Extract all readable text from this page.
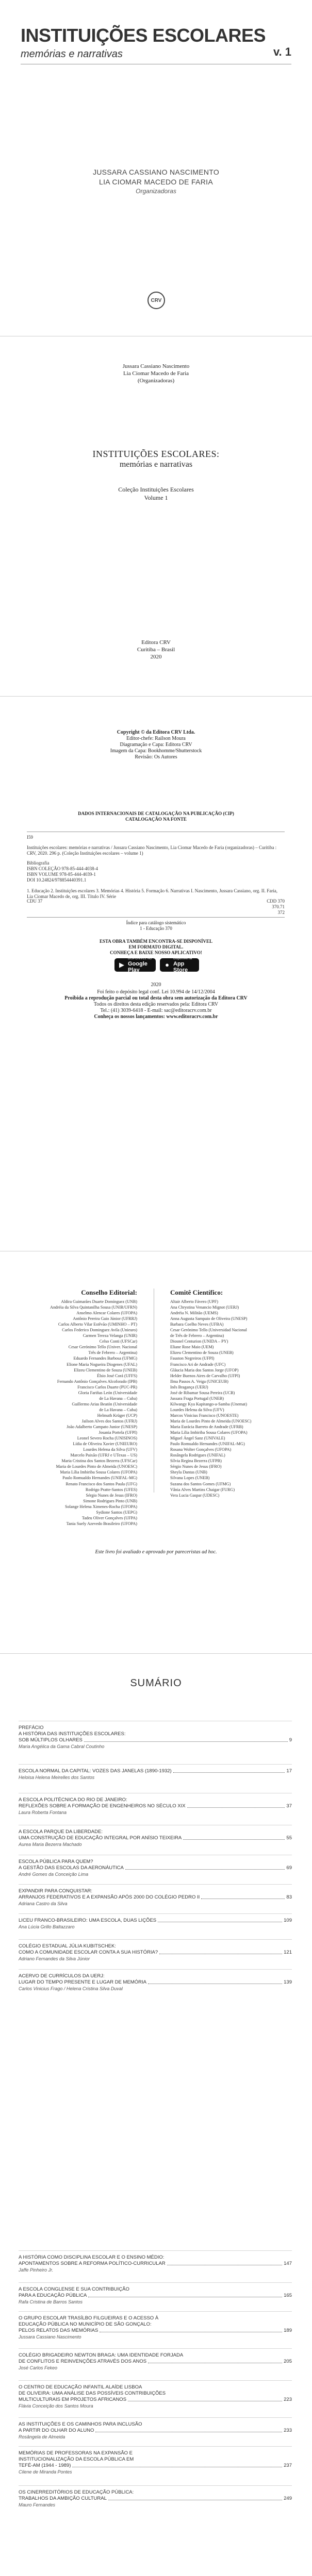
INSTITUIÇÕES ESCOLARES
memórias e narrativas	v. 1
JUSSARA CASSIANO NASCIMENTO
LIA CIOMAR MACEDO DE FARIA
Organizadoras
CRV
Jussara Cassiano Nascimento
Lia Ciomar Macedo de Faria
(Organizadoras)
INSTITUIÇÕES ESCOLARES:
memórias e narrativas
Coleção Instituições Escolares
Volume 1
Editora CRV
Curitiba – Brasil
2020
Copyright © da Editora CRV Ltda.
Editor-chefe: Railson Moura
Diagramação e Capa: Editora CRV
Imagem da Capa: Bookhomme/Shutterstock
Revisão: Os Autores
DADOS INTERNACIONAIS DE CATALOGAÇÃO NA PUBLICAÇÃO (CIP)
CATALOGAÇÃO NA FONTE
I59
Instituições escolares: memórias e narrativas / Jussara Cassiano Nascimento, Lia Ciomar Macedo de Faria (organizadoras) – Curitiba : CRV, 2020. 296 p. (Coleção Instituições escolares – volume 1)
Bibliografia
ISBN COLEÇÃO 978-85-444-4038-4
ISBN VOLUME 978-85-444-4039-1
DOI 10.24824/978854440391.1
1. Educação 2. Instituições escolares 3. Memórias 4. História 5. Formação 6. Narrativas I. Nascimento, Jussara Cassiano, org. II. Faria, Lia Ciomar Macedo de, org. III. Título IV. Série
CDU 37	CDD 370
370.71
372
Índice para catálogo sistemático
1 - Educação 370
ESTA OBRA TAMBÉM ENCONTRA-SE DISPONÍVEL
EM FORMATO DIGITAL.
CONHEÇA E BAIXE NOSSO APLICATIVO!
▶
DISPONÍVEL NO
Google Play
●
Disponível na
App Store
2020
Foi feito o depósito legal conf. Lei 10.994 de 14/12/2004
Proibida a reprodução parcial ou total desta obra sem autorização da Editora CRV
Todos os direitos desta edição reservados pela: Editora CRV
Tel.: (41) 3039-6418 - E-mail: sac@editoracrv.com.br
Conheça os nossos lançamentos: www.editoracrv.com.br
Conselho Editorial:	Comitê Científico:
Aldira Guimarães Duarte Domínguez (UNB)
Andréia da Silva Quintanilha Sousa (UNIR/UFRN)
Anselmo Alencar Colares (UFOPA)
Antônio Pereira Gaio Júnior (UFRRJ)
Carlos Alberto Vilar Estêvão (UMINHO – PT)
Carlos Federico Dominguez Avila (Unieuro)
Carmen Tereza Velanga (UNIR)
Celso Conti (UFSCar)
Cesar Gerónimo Tello (Univer. Nacional
Três de Febrero – Argentina)
Eduardo Fernandes Barbosa (UFMG)
Elione Maria Nogueira Diogenes (UFAL)
Elizeu Clementino de Souza (UNEB)
Élsio José Corá (UFFS)
Fernando Antônio Gonçalves Alcoforado (IPB)
Francisco Carlos Duarte (PUC-PR)
Gloria Fariñas León (Universidade
de La Havana – Cuba)
Guillermo Arias Beatón (Universidade
de La Havana – Cuba)
Helmuth Krüger (UCP)
Jailson Alves dos Santos (UFRJ)
João Adalberto Campato Junior (UNESP)
Josania Portela (UFPI)
Leonel Severo Rocha (UNISINOS)
Lídia de Oliveira Xavier (UNIEURO)
Lourdes Helena da Silva (UFV)
Marcelo Paixão (UFRJ e UTexas – US)
Maria Cristina dos Santos Bezerra (UFSCar)
Maria de Lourdes Pinto de Almeida (UNOESC)
Maria Lília Imbiriba Sousa Colares (UFOPA)
Paulo Romualdo Hernandes (UNIFAL-MG)
Renato Francisco dos Santos Paula (UFG)
Rodrigo Pratte-Santos (UFES)
Sérgio Nunes de Jesus (IFRO)
Simone Rodrigues Pinto (UNB)
Solange Helena Ximenes-Rocha (UFOPA)
Sydione Santos (UEPG)
Tadeu Oliver Gonçalves (UFPA)
Tania Suely Azevedo Brasileiro (UFOPA)
Altair Alberto Fávero (UPF)
Ana Chrystina Venancio Mignot (UERJ)
Andréia N. Militão (UEMS)
Anna Augusta Sampaio de Oliveira (UNESP)
Barbara Coelho Neves (UFBA)
Cesar Gerónimo Tello (Universidad Nacional
de Três de Febrero – Argentina)
Diosnel Centurion (UNIDA – PY)
Eliane Rose Maio (UEM)
Elizeu Clementino de Souza (UNEB)
Fauston Negreiros (UFPI)
Francisco Ari de Andrade (UFC)
Gláucia Maria dos Santos Jorge (UFOP)
Helder Buenos Aires de Carvalho (UFPI)
Ilma Passos A. Veiga (UNICEUB)
Inês Bragança (UERJ)
José de Ribamar Sousa Pereira (UCB)
Jussara Fraga Portugal (UNEB)
Kilwangy Kya Kapitango-a-Samba (Unemat)
Lourdes Helena da Silva (UFV)
Marcos Vinicius Francisco (UNOESTE)
Maria de Lourdes Pinto de Almeida (UNOESC)
Maria Eurácia Barreto de Andrade (UFRB)
Maria Lília Imbiriba Sousa Colares (UFOPA)
Míguel Ángel Sanz (UNIVALE)
Paulo Romualdo Hernandes (UNIFAL-MG)
Rosana Wolter Gonçalves (UFOPA)
Rosângela Rodrigues (UNIFAL)
Sílvia Regina Bezerra (UFPB)
Sérgio Nunes de Jesus (IFRO)
Sheyla Dantas (UNB)
Silvana Lopes (UNEB)
Suzana dos Santos Gomes (UFMG)
Vânia Alves Martins Chaigar (FURG)
Vera Lucia Gaspar (UDESC)
Este livro foi avaliado e aprovado por pareceristas ad hoc.
SUMÁRIO
PREFÁCIO
A HISTÓRIA DAS INSTITUIÇÕES ESCOLARES:
SOB MÚLTIPLOS OLHARES	9
Maria Angélica da Gama Cabral Coutinho
ESCOLA NORMAL DA CAPITAL: VOZES DAS JANELAS (1890-1932)	17
Heloisa Helena Meirelles dos Santos
A ESCOLA POLITÉCNICA DO RIO DE JANEIRO:
REFLEXÕES SOBRE A FORMAÇÃO DE ENGENHEIROS NO SÉCULO XIX	37
Laura Roberta Fontana
A ESCOLA PARQUE DA LIBERDADE:
UMA CONSTRUÇÃO DE EDUCAÇÃO INTEGRAL POR ANÍSIO TEIXEIRA	55
Aurea Maria Bezerra Machado
ESCOLA PÚBLICA PARA QUEM?
A GESTÃO DAS ESCOLAS DA AERONÁUTICA	69
André Gomes da Conceição Lima
EXPANDIR PARA CONQUISTAR:
ARRANJOS FEDERATIVOS E A EXPANSÃO APÓS 2000 DO COLÉGIO PEDRO II	83
Adriana Castro da Silva
LICEU FRANCO-BRASILEIRO: UMA ESCOLA, DUAS LIÇÕES	109
Ana Lúcia Grillo Baltazzaro
COLÉGIO ESTADUAL JÚLIA KUBITSCHEK:
COMO A COMUNIDADE ESCOLAR CONTA A SUA HISTÓRIA?	121
Adriano Fernandes da Silva Júnior
ACERVO DE CURRÍCULOS DA UERJ:
LUGAR DO TEMPO PRESENTE E LUGAR DE MEMÓRIA	139
Carlos Vinicius Frago / Helena Cristina Silva Duval
A HISTÓRIA COMO DISCIPLINA ESCOLAR E O ENSINO MÉDIO:
APONTAMENTOS SOBRE A REFORMA POLÍTICO-CURRICULAR	147
Jaffe Pinheiro Jr.
A ESCOLA CONGLENSE E SUA CONTRIBUIÇÃO
PARA A EDUCAÇÃO PÚBLICA	165
Rafa Cristina de Barros Santos
O GRUPO ESCOLAR TRASÍLBO FILGUEIRAS E O ACESSO À
EDUCAÇÃO PÚBLICA NO MUNICÍPIO DE SÃO GONÇALO:
PELOS RELATOS DAS MEMÓRIAS	189
Jussara Cassiano Nascimento
COLÉGIO BRIGADEIRO NEWTON BRAGA: UMA IDENTIDADE FORJADA
DE CONFLITOS E REINVENÇÕES ATRAVÉS DOS ANOS	205
José Carlos Fekeo
O CENTRO DE EDUCAÇÃO INFANTIL ALAÍDE LISBOA
DE OLIVEIRA: UMA ANÁLISE DAS POSSÍVEIS CONTRIBUIÇÕES
MULTICULTURAIS EM PROJETOS AFRICANOS	223
Flávia Conceição dos Santos Moura
AS INSTITUIÇÕES E OS CAMINHOS PARA INCLUSÃO
A PARTIR DO OLHAR DO ALUNO	233
Rosângela de Almeida
MEMÓRIAS DE PROFESSORAS NA EXPANSÃO E
INSTITUCIONALIZAÇÃO DA ESCOLA PÚBLICA EM
TEFÉ-AM (1944 - 1989)	237
Cilene de Miranda Pontes
OS CINERREDITÓRIOS DE EDUCAÇÃO PÚBLICA:
TRABALHOS DA AMBIÇÃO CULTURAL	249
Mauro Fernandes
